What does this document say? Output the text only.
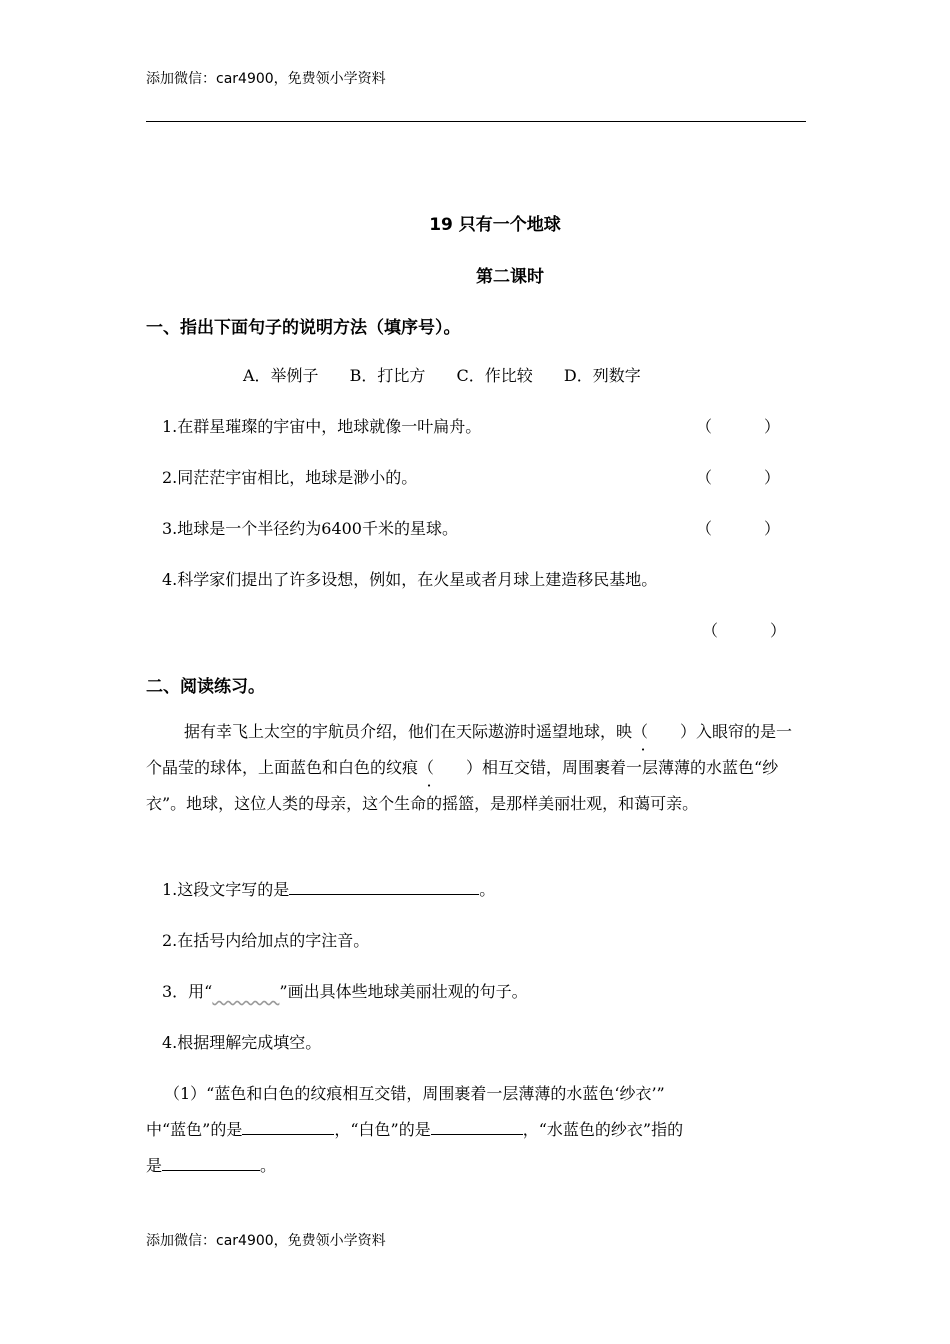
添加微信：car4900，免费领小学资料
19 只有一个地球
第二课时
一、指出下面句子的说明方法（填序号）。
A．举例子 B．打比方 C．作比较 D．列数字
1.在群星璀璨的宇宙中，地球就像一叶扁舟。	（	）
2.同茫茫宇宙相比，地球是渺小的。	（	）
3.地球是一个半径约为6400千米的星球。	（	）
4.科学家们提出了许多设想，例如，在火星或者月球上建造移民基地。
（	）
二、阅读练习。

据有幸飞上太空的宇航员介绍，他们在天际遨游时遥望地球，映（　　）入眼帘的是一个晶莹的球体，上面蓝色和白色的纹痕（　　）相互交错，周围裹着一层薄薄的水蓝色“纱衣”。地球，这位人类的母亲，这个生命的摇篮，是那样美丽壮观，和蔼可亲。

1.这段文字写的是	。
2.在括号内给加点的字注音。
3．用“	”画出具体些地球美丽壮观的句子。
4.根据理解完成填空。
（1）“蓝色和白色的纹痕相互交错，周围裹着一层薄薄的水蓝色‘纱衣’”
中“蓝色”的是	，“白色”的是	，“水蓝色的纱衣”指的
是	。
添加微信：car4900，免费领小学资料
